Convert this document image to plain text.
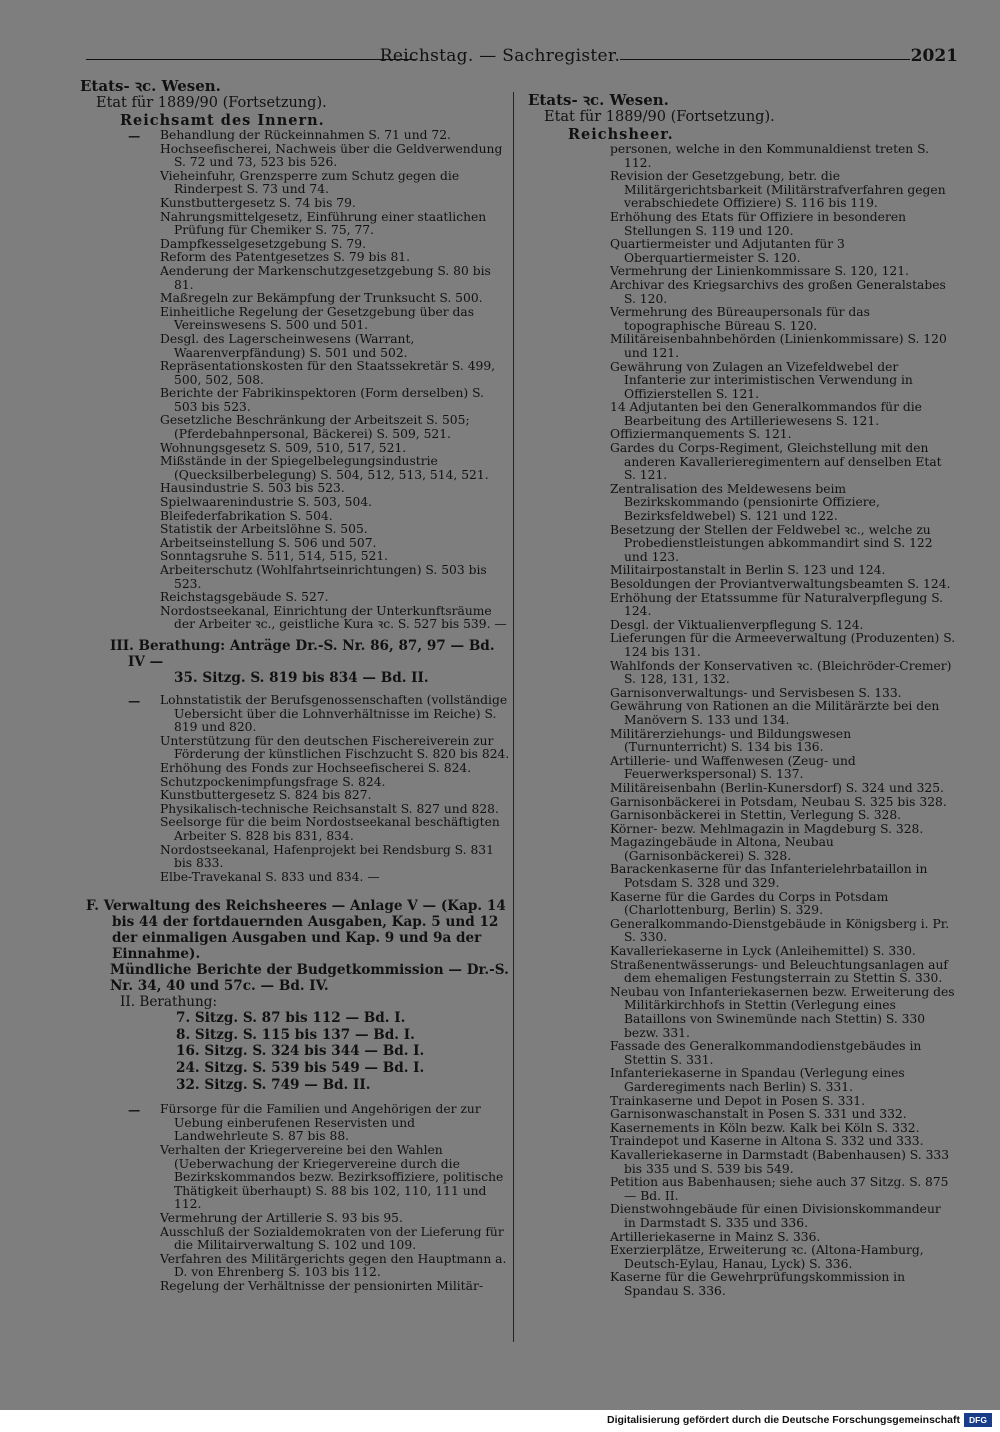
Reichstag. — Sachregister.	2021
Etats- ꝛc. Wesen.
Etat für 1889/90 (Fortsetzung).
Reichsamt des Innern.
— Behandlung der Rückeinnahmen S. 71 und 72.
Hochseefischerei, Nachweis über die Geldverwendung S. 72 und 73, 523 bis 526.
Vieheinfuhr, Grenzsperre zum Schutz gegen die Rinderpest S. 73 und 74.
Kunstbuttergesetz S. 74 bis 79.
Nahrungsmittelgesetz, Einführung einer staatlichen Prüfung für Chemiker S. 75, 77.
Dampfkesselgesetzgebung S. 79.
Reform des Patentgesetzes S. 79 bis 81.
Aenderung der Markenschutzgesetzgebung S. 80 bis 81.
Maßregeln zur Bekämpfung der Trunksucht S. 500.
Einheitliche Regelung der Gesetzgebung über das Vereinswesens S. 500 und 501.
Desgl. des Lagerscheinwesens (Warrant, Waarenverpfändung) S. 501 und 502.
Repräsentationskosten für den Staatssekretär S. 499, 500, 502, 508.
Berichte der Fabrikinspektoren (Form derselben) S. 503 bis 523.
Gesetzliche Beschränkung der Arbeitszeit S. 505; (Pferdebahnpersonal, Bäckerei) S. 509, 521.
Wohnungsgesetz S. 509, 510, 517, 521.
Mißstände in der Spiegelbelegungsindustrie (Quecksilberbelegung) S. 504, 512, 513, 514, 521.
Hausindustrie S. 503 bis 523.
Spielwaarenindustrie S. 503, 504.
Bleifederfabrikation S. 504.
Statistik der Arbeitslöhne S. 505.
Arbeitseinstellung S. 506 und 507.
Sonntagsruhe S. 511, 514, 515, 521.
Arbeiterschutz (Wohlfahrtseinrichtungen) S. 503 bis 523.
Reichstagsgebäude S. 527.
Nordostseekanal, Einrichtung der Unterkunftsräume der Arbeiter ꝛc., geistliche Kura ꝛc. S. 527 bis 539. —
III. Berathung: Anträge Dr.-S. Nr. 86, 87, 97 — Bd. IV —
35. Sitzg. S. 819 bis 834 — Bd. II.
— Lohnstatistik der Berufsgenossenschaften (vollständige Uebersicht über die Lohnverhältnisse im Reiche) S. 819 und 820.
Unterstützung für den deutschen Fischereiverein zur Förderung der künstlichen Fischzucht S. 820 bis 824.
Erhöhung des Fonds zur Hochseefischerei S. 824.
Schutzpockenimpfungsfrage S. 824.
Kunstbuttergesetz S. 824 bis 827.
Physikalisch-technische Reichsanstalt S. 827 und 828.
Seelsorge für die beim Nordostseekanal beschäftigten Arbeiter S. 828 bis 831, 834.
Nordostseekanal, Hafenprojekt bei Rendsburg S. 831 bis 833.
Elbe-Travekanal S. 833 und 834. —
F. Verwaltung des Reichsheeres — Anlage V — (Kap. 14 bis 44 der fortdauernden Ausgaben, Kap. 5 und 12 der einmaligen Ausgaben und Kap. 9 und 9a der Einnahme).
Mündliche Berichte der Budgetkommission — Dr.-S.
Nr. 34, 40 und 57c. — Bd. IV.
II. Berathung:
7. Sitzg. S. 87 bis 112 — Bd. I.
8. Sitzg. S. 115 bis 137 — Bd. I.
16. Sitzg. S. 324 bis 344 — Bd. I.
24. Sitzg. S. 539 bis 549 — Bd. I.
32. Sitzg. S. 749 — Bd. II.
— Fürsorge für die Familien und Angehörigen der zur Uebung einberufenen Reservisten und Landwehrleute S. 87 bis 88.
Verhalten der Kriegervereine bei den Wahlen (Ueberwachung der Kriegervereine durch die Bezirkskommandos bezw. Bezirksoffiziere, politische Thätigkeit überhaupt) S. 88 bis 102, 110, 111 und 112.
Vermehrung der Artillerie S. 93 bis 95.
Ausschluß der Sozialdemokraten von der Lieferung für die Militairverwaltung S. 102 und 109.
Verfahren des Militärgerichts gegen den Hauptmann a. D. von Ehrenberg S. 103 bis 112.
Regelung der Verhältnisse der pensionirten Militär-
Etats- ꝛc. Wesen.
Etat für 1889/90 (Fortsetzung).
Reichsheer.
personen, welche in den Kommunaldienst treten S. 112.
Revision der Gesetzgebung, betr. die Militärgerichtsbarkeit (Militärstrafverfahren gegen verabschiedete Offiziere) S. 116 bis 119.
Erhöhung des Etats für Offiziere in besonderen Stellungen S. 119 und 120.
Quartiermeister und Adjutanten für 3 Oberquartiermeister S. 120.
Vermehrung der Linienkommissare S. 120, 121.
Archivar des Kriegsarchivs des großen Generalstabes S. 120.
Vermehrung des Büreaupersonals für das topographische Büreau S. 120.
Militäreisenbahnbehörden (Linienkommissare) S. 120 und 121.
Gewährung von Zulagen an Vizefeldwebel der Infanterie zur interimistischen Verwendung in Offizierstellen S. 121.
14 Adjutanten bei den Generalkommandos für die Bearbeitung des Artilleriewesens S. 121.
Offiziermanquements S. 121.
Gardes du Corps-Regiment, Gleichstellung mit den anderen Kavallerieregimentern auf denselben Etat S. 121.
Zentralisation des Meldewesens beim Bezirkskommando (pensionirte Offiziere, Bezirksfeldwebel) S. 121 und 122.
Besetzung der Stellen der Feldwebel ꝛc., welche zu Probedienstleistungen abkommandirt sind S. 122 und 123.
Militairpostanstalt in Berlin S. 123 und 124.
Besoldungen der Proviantverwaltungsbeamten S. 124.
Erhöhung der Etatssumme für Naturalverpflegung S. 124.
Desgl. der Viktualienverpflegung S. 124.
Lieferungen für die Armeeverwaltung (Produzenten) S. 124 bis 131.
Wahlfonds der Konservativen ꝛc. (Bleichröder-Cremer) S. 128, 131, 132.
Garnisonverwaltungs- und Servisbesen S. 133.
Gewährung von Rationen an die Militärärzte bei den Manövern S. 133 und 134.
Militärerziehungs- und Bildungswesen (Turnunterricht) S. 134 bis 136.
Artillerie- und Waffenwesen (Zeug- und Feuerwerkspersonal) S. 137.
Militäreisenbahn (Berlin-Kunersdorf) S. 324 und 325.
Garnisonbäckerei in Potsdam, Neubau S. 325 bis 328.
Garnisonbäckerei in Stettin, Verlegung S. 328.
Körner- bezw. Mehlmagazin in Magdeburg S. 328.
Magazingebäude in Altona, Neubau (Garnisonbäckerei) S. 328.
Barackenkaserne für das Infanterielehrbataillon in Potsdam S. 328 und 329.
Kaserne für die Gardes du Corps in Potsdam (Charlottenburg, Berlin) S. 329.
Generalkommando-Dienstgebäude in Königsberg i. Pr. S. 330.
Kavalleriekaserne in Lyck (Anleihemittel) S. 330.
Straßenentwässerungs- und Beleuchtungsanlagen auf dem ehemaligen Festungsterrain zu Stettin S. 330.
Neubau von Infanteriekasernen bezw. Erweiterung des Militärkirchhofs in Stettin (Verlegung eines Bataillons von Swinemünde nach Stettin) S. 330 bezw. 331.
Fassade des Generalkommandodienstgebäudes in Stettin S. 331.
Infanteriekaserne in Spandau (Verlegung eines Garderegiments nach Berlin) S. 331.
Trainkaserne und Depot in Posen S. 331.
Garnisonwaschanstalt in Posen S. 331 und 332.
Kasernements in Köln bezw. Kalk bei Köln S. 332.
Traindepot und Kaserne in Altona S. 332 und 333.
Kavalleriekaserne in Darmstadt (Babenhausen) S. 333 bis 335 und S. 539 bis 549.
Petition aus Babenhausen; siehe auch 37 Sitzg. S. 875 — Bd. II.
Dienstwohngebäude für einen Divisionskommandeur in Darmstadt S. 335 und 336.
Artilleriekaserne in Mainz S. 336.
Exerzierplätze, Erweiterung ꝛc. (Altona-Hamburg, Deutsch-Eylau, Hanau, Lyck) S. 336.
Kaserne für die Gewehrprüfungskommission in Spandau S. 336.
Digitalisierung gefördert durch die Deutsche Forschungsgemeinschaft	DFG
